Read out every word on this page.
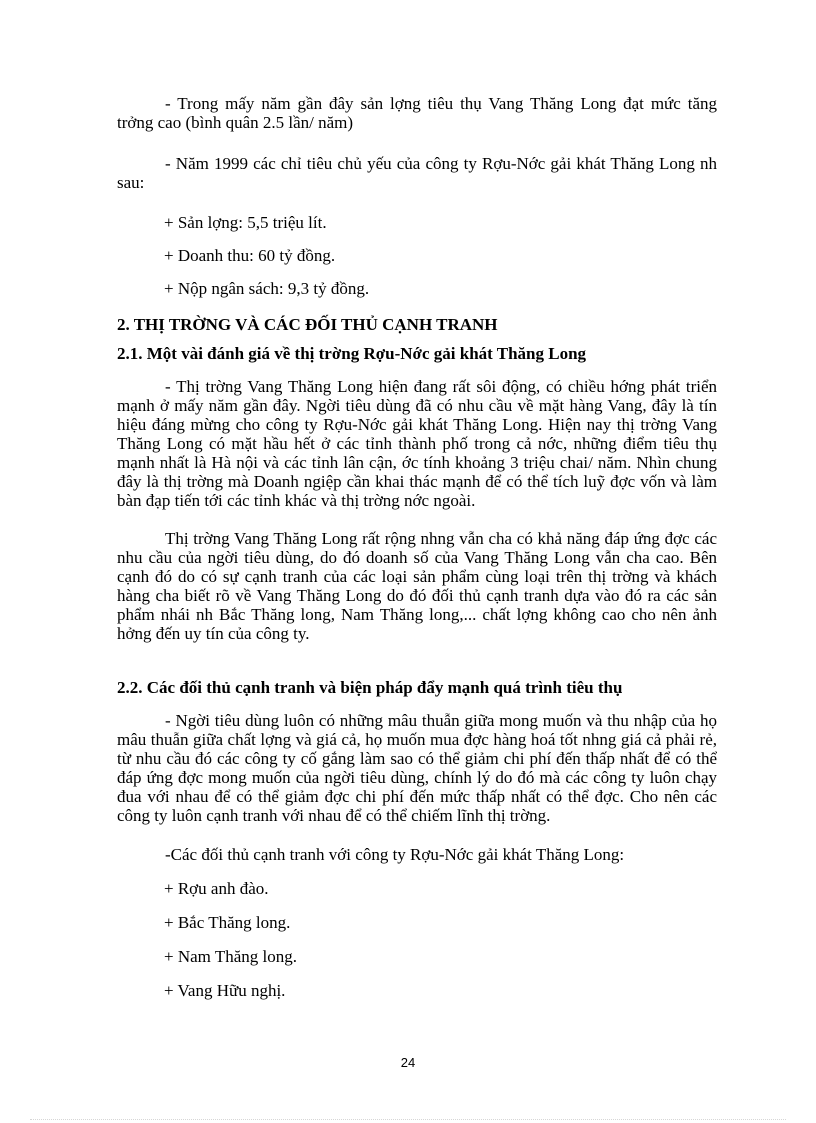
- Trong mấy năm gần đây sản lợng tiêu thụ Vang Thăng Long đạt mức tăng trởng cao (bình quân 2.5 lần/ năm)

- Năm 1999 các chỉ tiêu chủ yếu của công ty Rợu-Nớc gải khát Thăng Long nh sau:

+ Sản lợng: 5,5 triệu lít.

+ Doanh thu: 60 tỷ đồng.

+ Nộp ngân sách: 9,3 tỷ đồng.

2. THỊ TRỜNG VÀ CÁC ĐỐI THỦ CẠNH TRANH
2.1. Một vài đánh giá về thị trờng Rợu-Nớc gải khát Thăng Long

- Thị trờng Vang Thăng Long hiện đang rất sôi động, có chiều hớng phát triển mạnh ở mấy năm gần đây. Ngời tiêu dùng đã có nhu cầu về mặt hàng Vang, đây là tín hiệu đáng mừng cho công ty Rợu-Nớc gải khát Thăng Long. Hiện nay thị trờng Vang Thăng Long có mặt hầu hết ở các tỉnh thành phố trong cả nớc, những điểm tiêu thụ mạnh nhất là Hà nội và các tỉnh lân cận, ớc tính khoảng 3 triệu chai/ năm. Nhìn chung đây là thị trờng mà Doanh ngiệp cần khai thác mạnh để có thể tích luỹ đợc vốn và làm bàn đạp tiến tới các tỉnh khác và thị trờng nớc ngoài.

Thị trờng Vang Thăng Long rất rộng nhng vẫn cha có khả năng đáp ứng đợc các nhu cầu của ngời tiêu dùng, do đó doanh số của Vang Thăng Long vẫn cha cao. Bên cạnh đó do có sự cạnh tranh của các loại sản phẩm cùng loại trên thị trờng và khách hàng cha biết rõ về Vang Thăng Long do đó đối thủ cạnh tranh dựa vào đó ra các sản phẩm nhái nh Bắc Thăng long, Nam Thăng long,... chất lợng không cao cho nên ảnh hởng đến uy tín của công ty.

2.2. Các đối thủ cạnh tranh và biện pháp đẩy mạnh quá trình tiêu thụ

- Ngời tiêu dùng luôn có những mâu thuẫn giữa mong muốn và thu nhập của họ mâu thuẫn giữa chất lợng và giá cả, họ muốn mua đợc hàng hoá tốt nhng giá cả phải rẻ, từ nhu cầu đó các công ty cố gắng làm sao có thể giảm chi phí đến thấp nhất để có thể đáp ứng đợc mong muốn của ngời tiêu dùng, chính lý do đó mà các công ty luôn chạy đua với nhau để có thể giảm đợc chi phí đến mức thấp nhất có thể đợc. Cho nên các công ty luôn cạnh tranh với nhau để có thể chiếm lĩnh thị trờng.

-Các đối thủ cạnh tranh với công ty Rợu-Nớc gải khát Thăng Long:

+ Rợu anh đào.

+ Bắc Thăng long.

+ Nam Thăng long.

+ Vang Hữu nghị.

24
